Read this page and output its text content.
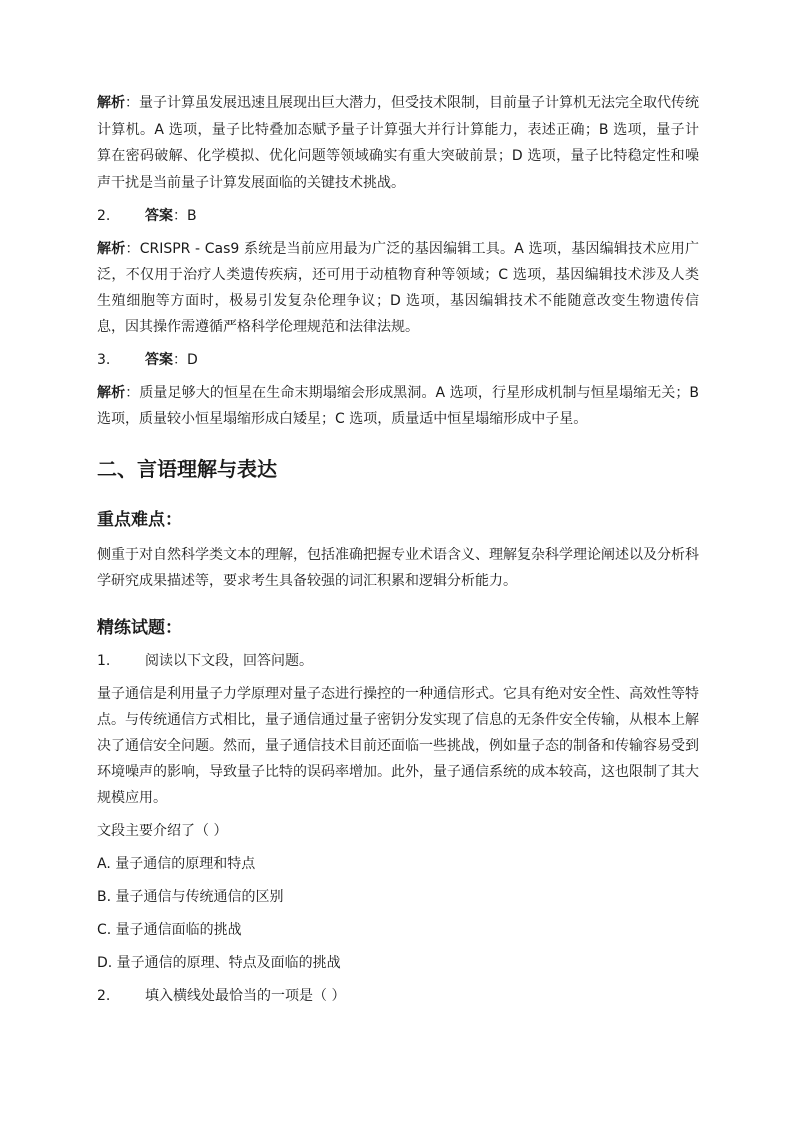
解析：量子计算虽发展迅速且展现出巨大潜力，但受技术限制，目前量子计算机无法完全取代传统计算机。A 选项，量子比特叠加态赋予量子计算强大并行计算能力，表述正确；B 选项，量子计算在密码破解、化学模拟、优化问题等领域确实有重大突破前景；D 选项，量子比特稳定性和噪声干扰是当前量子计算发展面临的关键技术挑战。

2. 答案：B

解析：CRISPR - Cas9 系统是当前应用最为广泛的基因编辑工具。A 选项，基因编辑技术应用广泛，不仅用于治疗人类遗传疾病，还可用于动植物育种等领域；C 选项，基因编辑技术涉及人类生殖细胞等方面时，极易引发复杂伦理争议；D 选项，基因编辑技术不能随意改变生物遗传信息，因其操作需遵循严格科学伦理规范和法律法规。

3. 答案：D

解析：质量足够大的恒星在生命末期塌缩会形成黑洞。A 选项，行星形成机制与恒星塌缩无关；B 选项，质量较小恒星塌缩形成白矮星；C 选项，质量适中恒星塌缩形成中子星。

二、言语理解与表达
重点难点：

侧重于对自然科学类文本的理解，包括准确把握专业术语含义、理解复杂科学理论阐述以及分析科学研究成果描述等，要求考生具备较强的词汇积累和逻辑分析能力。

精练试题：

1. 阅读以下文段，回答问题。

量子通信是利用量子力学原理对量子态进行操控的一种通信形式。它具有绝对安全性、高效性等特点。与传统通信方式相比，量子通信通过量子密钥分发实现了信息的无条件安全传输，从根本上解决了通信安全问题。然而，量子通信技术目前还面临一些挑战，例如量子态的制备和传输容易受到环境噪声的影响，导致量子比特的误码率增加。此外，量子通信系统的成本较高，这也限制了其大规模应用。

文段主要介绍了（ ）

A. 量子通信的原理和特点

B. 量子通信与传统通信的区别

C. 量子通信面临的挑战

D. 量子通信的原理、特点及面临的挑战

2. 填入横线处最恰当的一项是（ ）
